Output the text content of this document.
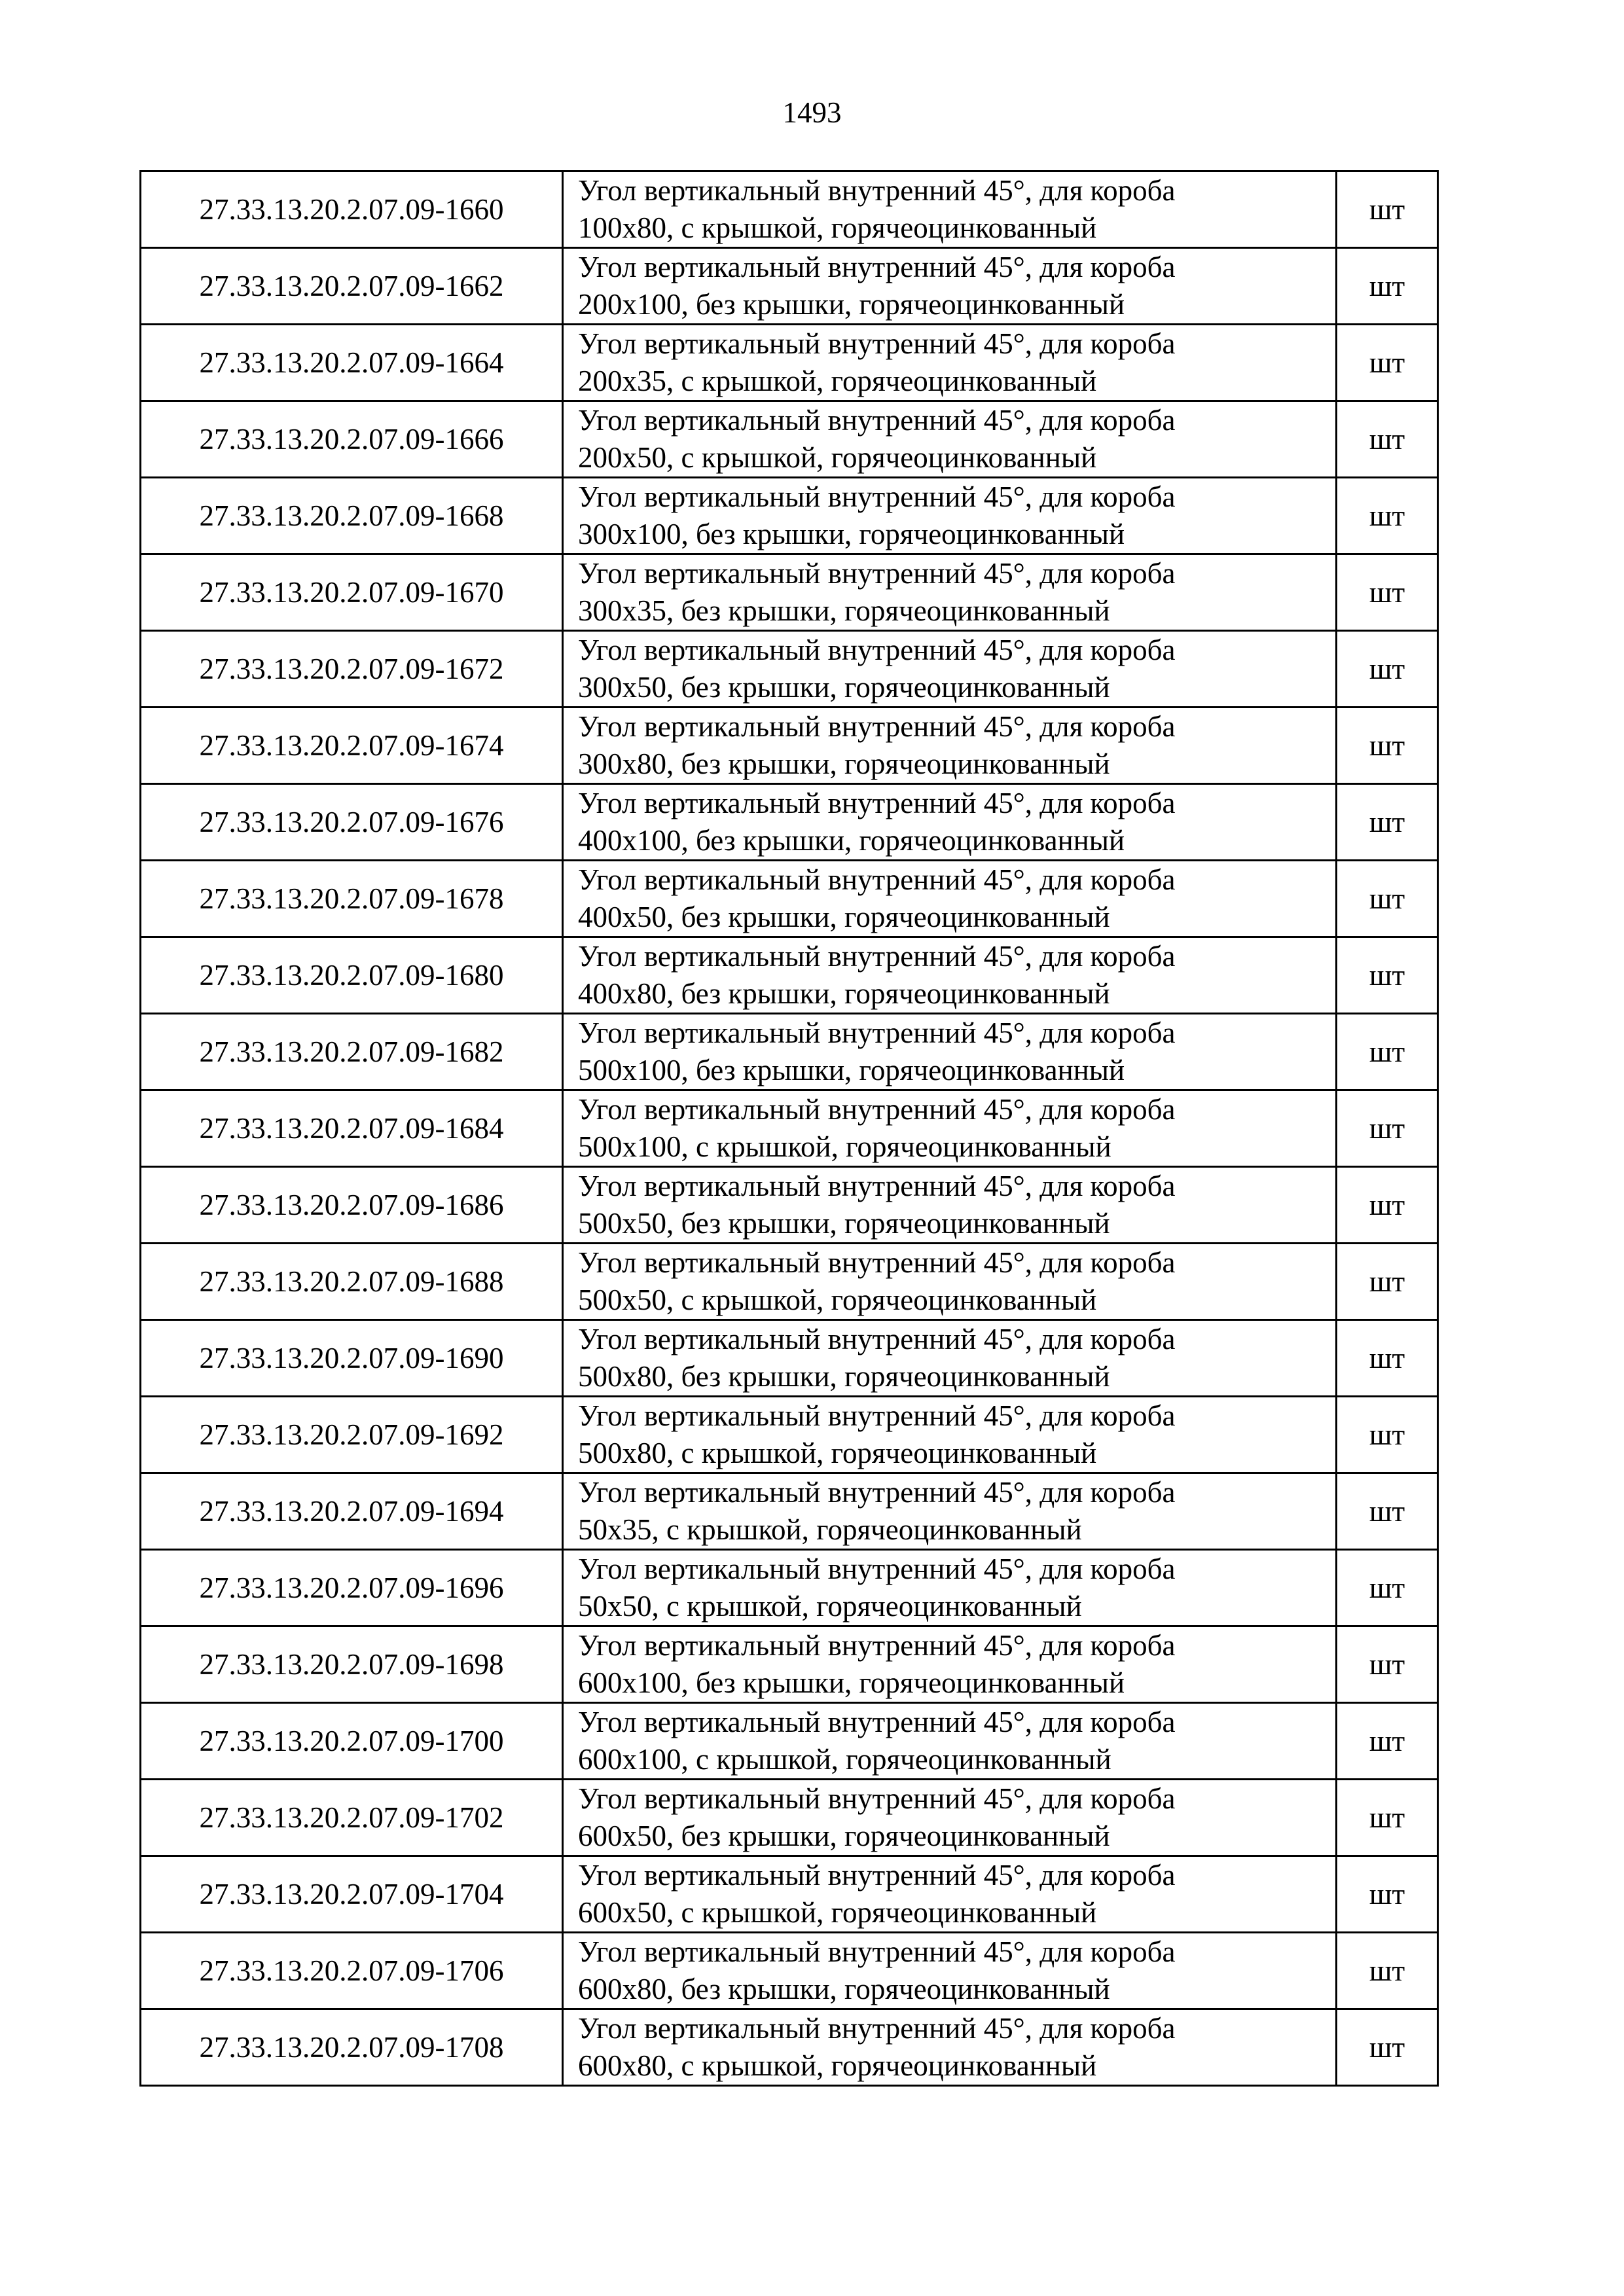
1493
27.33.13.20.2.07.09-1660	Угол вертикальный внутренний 45°, для короба
100х80, с крышкой, горячеоцинкованный	шт
27.33.13.20.2.07.09-1662	Угол вертикальный внутренний 45°, для короба
200х100, без крышки, горячеоцинкованный	шт
27.33.13.20.2.07.09-1664	Угол вертикальный внутренний 45°, для короба
200х35, с крышкой, горячеоцинкованный	шт
27.33.13.20.2.07.09-1666	Угол вертикальный внутренний 45°, для короба
200х50, с крышкой, горячеоцинкованный	шт
27.33.13.20.2.07.09-1668	Угол вертикальный внутренний 45°, для короба
300х100, без крышки, горячеоцинкованный	шт
27.33.13.20.2.07.09-1670	Угол вертикальный внутренний 45°, для короба
300х35, без крышки, горячеоцинкованный	шт
27.33.13.20.2.07.09-1672	Угол вертикальный внутренний 45°, для короба
300х50, без крышки, горячеоцинкованный	шт
27.33.13.20.2.07.09-1674	Угол вертикальный внутренний 45°, для короба
300х80, без крышки, горячеоцинкованный	шт
27.33.13.20.2.07.09-1676	Угол вертикальный внутренний 45°, для короба
400х100, без крышки, горячеоцинкованный	шт
27.33.13.20.2.07.09-1678	Угол вертикальный внутренний 45°, для короба
400х50, без крышки, горячеоцинкованный	шт
27.33.13.20.2.07.09-1680	Угол вертикальный внутренний 45°, для короба
400х80, без крышки, горячеоцинкованный	шт
27.33.13.20.2.07.09-1682	Угол вертикальный внутренний 45°, для короба
500х100, без крышки, горячеоцинкованный	шт
27.33.13.20.2.07.09-1684	Угол вертикальный внутренний 45°, для короба
500х100, с крышкой, горячеоцинкованный	шт
27.33.13.20.2.07.09-1686	Угол вертикальный внутренний 45°, для короба
500х50, без крышки, горячеоцинкованный	шт
27.33.13.20.2.07.09-1688	Угол вертикальный внутренний 45°, для короба
500х50, с крышкой, горячеоцинкованный	шт
27.33.13.20.2.07.09-1690	Угол вертикальный внутренний 45°, для короба
500х80, без крышки, горячеоцинкованный	шт
27.33.13.20.2.07.09-1692	Угол вертикальный внутренний 45°, для короба
500х80, с крышкой, горячеоцинкованный	шт
27.33.13.20.2.07.09-1694	Угол вертикальный внутренний 45°, для короба
50х35, с крышкой, горячеоцинкованный	шт
27.33.13.20.2.07.09-1696	Угол вертикальный внутренний 45°, для короба
50х50, с крышкой, горячеоцинкованный	шт
27.33.13.20.2.07.09-1698	Угол вертикальный внутренний 45°, для короба
600х100, без крышки, горячеоцинкованный	шт
27.33.13.20.2.07.09-1700	Угол вертикальный внутренний 45°, для короба
600х100, с крышкой, горячеоцинкованный	шт
27.33.13.20.2.07.09-1702	Угол вертикальный внутренний 45°, для короба
600х50, без крышки, горячеоцинкованный	шт
27.33.13.20.2.07.09-1704	Угол вертикальный внутренний 45°, для короба
600х50, с крышкой, горячеоцинкованный	шт
27.33.13.20.2.07.09-1706	Угол вертикальный внутренний 45°, для короба
600х80, без крышки, горячеоцинкованный	шт
27.33.13.20.2.07.09-1708	Угол вертикальный внутренний 45°, для короба
600х80, с крышкой, горячеоцинкованный	шт
